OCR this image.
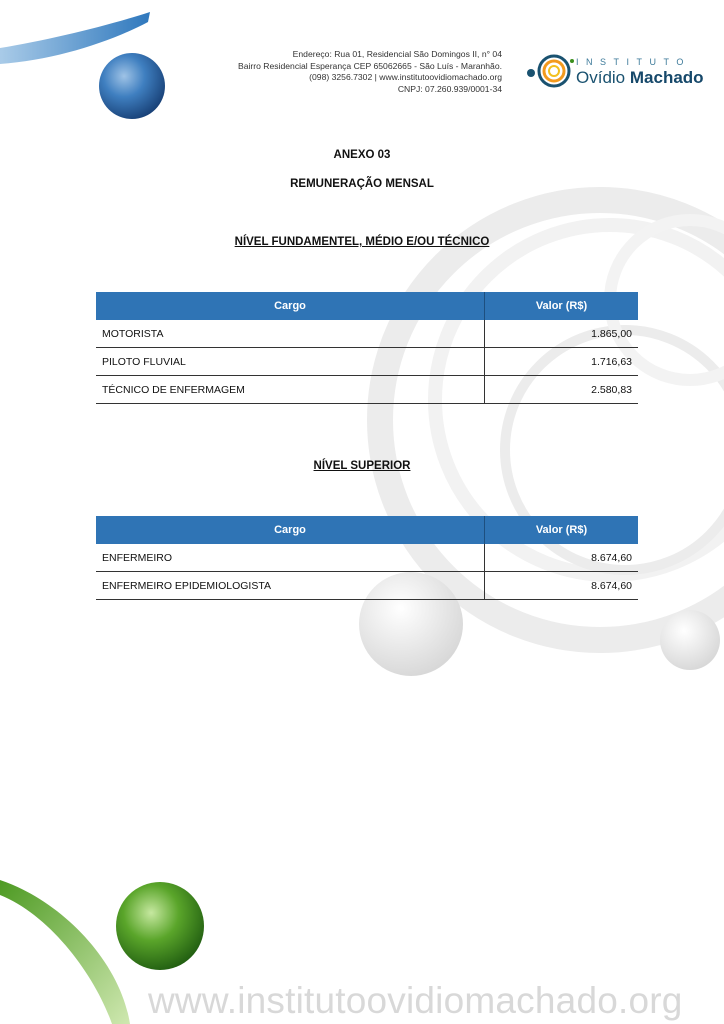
Endereço: Rua 01, Residencial São Domingos II, n° 04
Bairro Residencial Esperança CEP 65062665 - São Luís - Maranhão.
(098) 3256.7302 | www.institutoovidiomachado.org
CNPJ: 07.260.939/0001-34
INSTITUTO
Ovídio Machado
ANEXO 03
REMUNERAÇÃO MENSAL
NÍVEL FUNDAMENTEL, MÉDIO E/OU TÉCNICO
Cargo	Valor (R$)
MOTORISTA	1.865,00
PILOTO FLUVIAL	1.716,63
TÉCNICO DE ENFERMAGEM	2.580,83
NÍVEL SUPERIOR
Cargo	Valor (R$)
ENFERMEIRO	8.674,60
ENFERMEIRO EPIDEMIOLOGISTA	8.674,60
www.institutoovidiomachado.org
